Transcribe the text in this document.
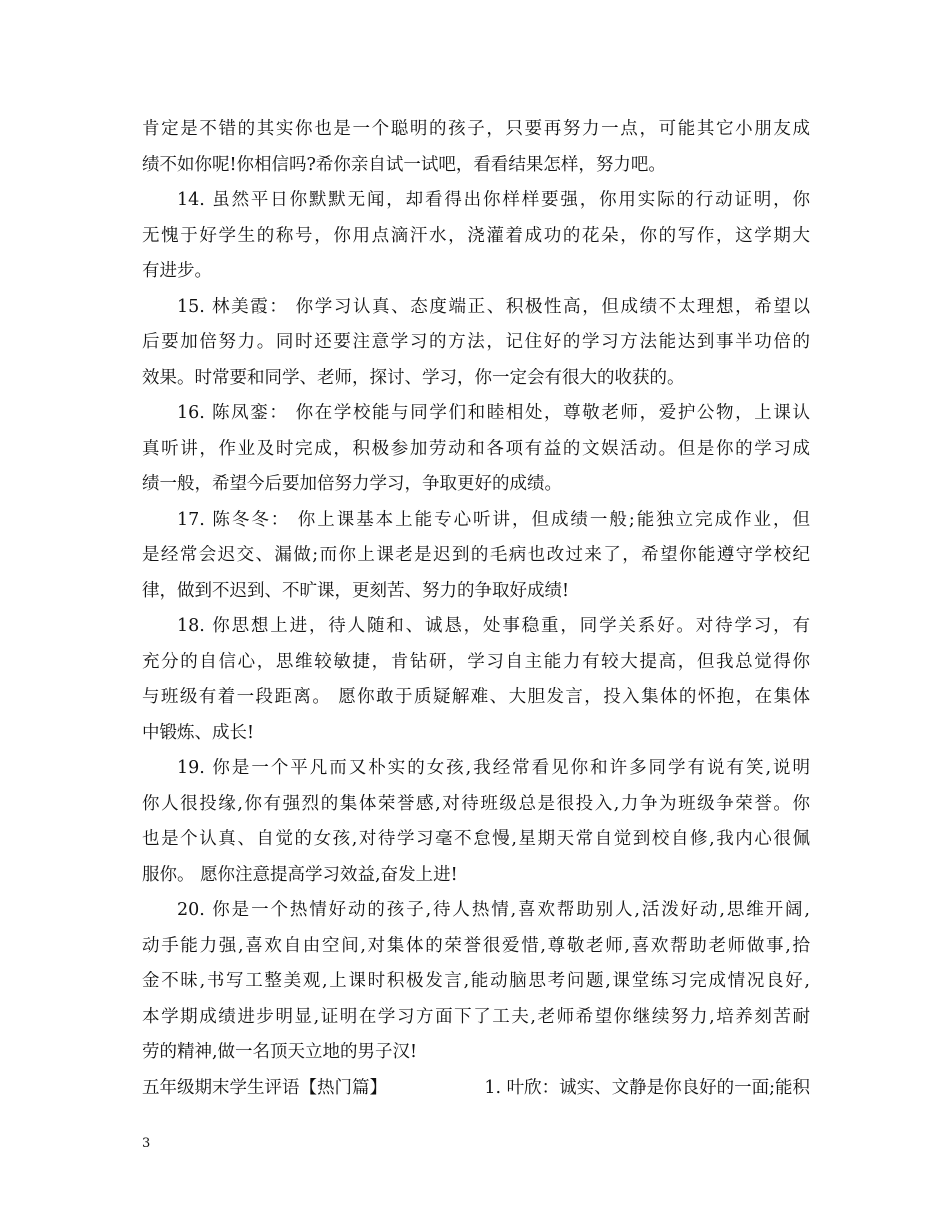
肯定是不错的其实你也是一个聪明的孩子，只要再努力一点，可能其它小朋友成
绩不如你呢!你相信吗?希你亲自试一试吧，看看结果怎样，努力吧。
14. 虽然平日你默默无闻，却看得出你样样要强，你用实际的行动证明，你
无愧于好学生的称号，你用点滴汗水，浇灌着成功的花朵，你的写作，这学期大
有进步。
15. 林美霞： 你学习认真、态度端正、积极性高，但成绩不太理想，希望以
后要加倍努力。同时还要注意学习的方法，记住好的学习方法能达到事半功倍的
效果。时常要和同学、老师，探讨、学习，你一定会有很大的收获的。
16. 陈凤銮： 你在学校能与同学们和睦相处，尊敬老师，爱护公物，上课认
真听讲，作业及时完成，积极参加劳动和各项有益的文娱活动。但是你的学习成
绩一般，希望今后要加倍努力学习，争取更好的成绩。
17. 陈冬冬： 你上课基本上能专心听讲，但成绩一般;能独立完成作业，但
是经常会迟交、漏做;而你上课老是迟到的毛病也改过来了，希望你能遵守学校纪
律，做到不迟到、不旷课，更刻苦、努力的争取好成绩!
18. 你思想上进，待人随和、诚恳，处事稳重，同学关系好。对待学习，有
充分的自信心，思维较敏捷，肯钻研，学习自主能力有较大提高，但我总觉得你
与班级有着一段距离。 愿你敢于质疑解难、大胆发言，投入集体的怀抱，在集体
中锻炼、成长!
19. 你是一个平凡而又朴实的女孩,我经常看见你和许多同学有说有笑,说明
你人很投缘,你有强烈的集体荣誉感,对待班级总是很投入,力争为班级争荣誉。你
也是个认真、自觉的女孩,对待学习毫不怠慢,星期天常自觉到校自修,我内心很佩
服你。 愿你注意提高学习效益,奋发上进!
20. 你是一个热情好动的孩子,待人热情,喜欢帮助别人,活泼好动,思维开阔,
动手能力强,喜欢自由空间,对集体的荣誉很爱惜,尊敬老师,喜欢帮助老师做事,拾
金不昧,书写工整美观,上课时积极发言,能动脑思考问题,课堂练习完成情况良好,
本学期成绩进步明显,证明在学习方面下了工夫,老师希望你继续努力,培养刻苦耐
劳的精神,做一名顶天立地的男子汉!
五年级期末学生评语【热门篇】	1. 叶欣：诚实、文静是你良好的一面;能积
3
